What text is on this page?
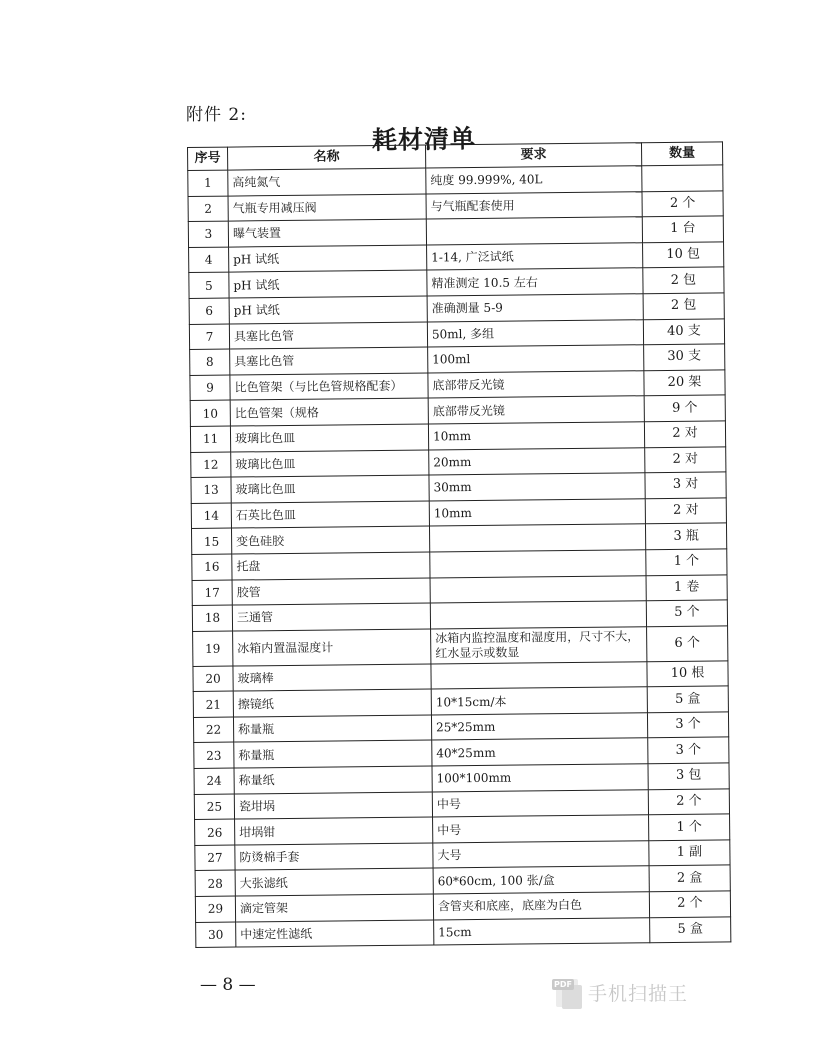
附件 2:
耗材清单
序号	名称	要求	数量
1	高纯氮气	纯度 99.999%, 40L	
2	气瓶专用减压阀	与气瓶配套使用	2 个
3	曝气装置		1 台
4	pH 试纸	1-14, 广泛试纸	10 包
5	pH 试纸	精准测定 10.5 左右	2 包
6	pH 试纸	准确测量 5-9	2 包
7	具塞比色管	50ml, 多组	40 支
8	具塞比色管	100ml	30 支
9	比色管架（与比色管规格配套）	底部带反光镜	20 架
10	比色管架（规格	底部带反光镜	9 个
11	玻璃比色皿	10mm	2 对
12	玻璃比色皿	20mm	2 对
13	玻璃比色皿	30mm	3 对
14	石英比色皿	10mm	2 对
15	变色硅胶		3 瓶
16	托盘		1 个
17	胶管		1 卷
18	三通管		5 个
19	冰箱内置温湿度计	冰箱内监控温度和湿度用，尺寸不大，红水显示或数显	6 个
20	玻璃棒		10 根
21	擦镜纸	10*15cm/本	5 盒
22	称量瓶	25*25mm	3 个
23	称量瓶	40*25mm	3 个
24	称量纸	100*100mm	3 包
25	瓷坩埚	中号	2 个
26	坩埚钳	中号	1 个
27	防烫棉手套	大号	1 副
28	大张滤纸	60*60cm, 100 张/盒	2 盒
29	滴定管架	含管夹和底座，底座为白色	2 个
30	中速定性滤纸	15cm	5 盒
— 8 —	PDF 手机扫描王
